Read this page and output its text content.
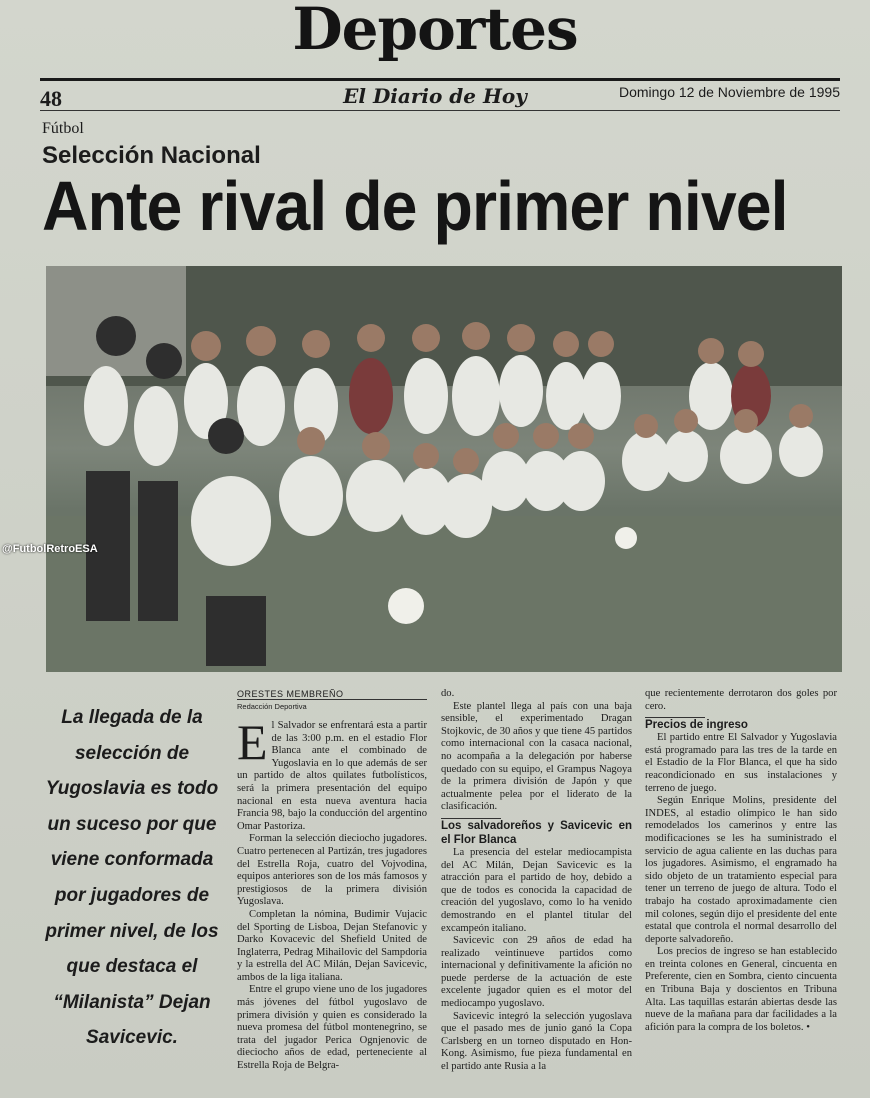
Deportes
48	El Diario de Hoy	Domingo 12 de Noviembre de 1995
Fútbol
Selección Nacional
Ante rival de primer nivel
@FutbolRetroESA
La llegada de la selección de Yugoslavia es todo un suceso por que viene conformada por jugadores de primer nivel, de los que destaca el “Milanista” Dejan Savicevic.
ORESTES MEMBREÑO
Redacción Deportiva

El Salvador se enfrentará esta a partir de las 3:00 p.m. en el estadio Flor Blanca ante el combinado de Yugoslavia en lo que además de ser un partido de altos quilates futbolísticos, será la primera presentación del equipo nacional en esta nueva aventura hacia Francia 98, bajo la conducción del argentino Omar Pastoriza.

Forman la selección dieciocho jugadores. Cuatro pertenecen al Partizán, tres jugadores del Estrella Roja, cuatro del Vojvodina, equipos anteriores son de los más famosos y prestigiosos de la primera división Yugoslava.

Completan la nómina, Budimir Vujacic del Sporting de Lisboa, Dejan Stefanovic y Darko Kovacevic del Shefield United de Inglaterra, Pedrag Mihailovic del Sampdoria y la estrella del AC Milán, Dejan Savicevic, ambos de la liga italiana.

Entre el grupo viene uno de los jugadores más jóvenes del fútbol yugoslavo de primera división y quien es considerado la nueva promesa del fútbol montenegrino, se trata del jugador Perica Ognjenovic de dieciocho años de edad, perteneciente al Estrella Roja de Belgra-

do.

Este plantel llega al país con una baja sensible, el experimentado Dragan Stojkovic, de 30 años y que tiene 45 partidos como internacional con la casaca nacional, no acompaña a la delegación por haberse quedado con su equipo, el Grampus Nagoya de la primera división de Japón y que actualmente pelea por el liderato de la clasificación.

Los salvadoreños y Savicevic en el Flor Blanca

La presencia del estelar mediocampista del AC Milán, Dejan Savicevic es la atracción para el partido de hoy, debido a que de todos es conocida la capacidad de creación del yugoslavo, como lo ha venido demostrando en el plantel titular del excampeón italiano.

Savicevic con 29 años de edad ha realizado veintinueve partidos como internacional y definitivamente la afición no puede perderse de la actuación de este excelente jugador quien es el motor del mediocampo yugoslavo.

Savicevic integró la selección yugoslava que el pasado mes de junio ganó la Copa Carlsberg en un torneo disputado en Hon-Kong. Asimismo, fue pieza fundamental en el partido ante Rusia a la

que recientemente derrotaron dos goles por cero.

Precios de ingreso

El partido entre El Salvador y Yugoslavia está programado para las tres de la tarde en el Estadio de la Flor Blanca, el que ha sido reacondicionado en sus instalaciones y terreno de juego.

Según Enrique Molins, presidente del INDES, al estadio olímpico le han sido remodelados los camerinos y entre las modificaciones se les ha suministrado el servicio de agua caliente en las duchas para los jugadores. Asimismo, el engramado ha sido objeto de un tratamiento especial para tener un terreno de juego de altura. Todo el trabajo ha costado aproximadamente cien mil colones, según dijo el presidente del ente estatal que controla el normal desarrollo del deporte salvadoreño.

Los precios de ingreso se han establecido en treinta colones en General, cincuenta en Preferente, cien en Sombra, ciento cincuenta en Tribuna Baja y doscientos en Tribuna Alta. Las taquillas estarán abiertas desde las nueve de la mañana para dar facilidades a la afición para la compra de los boletos. •
